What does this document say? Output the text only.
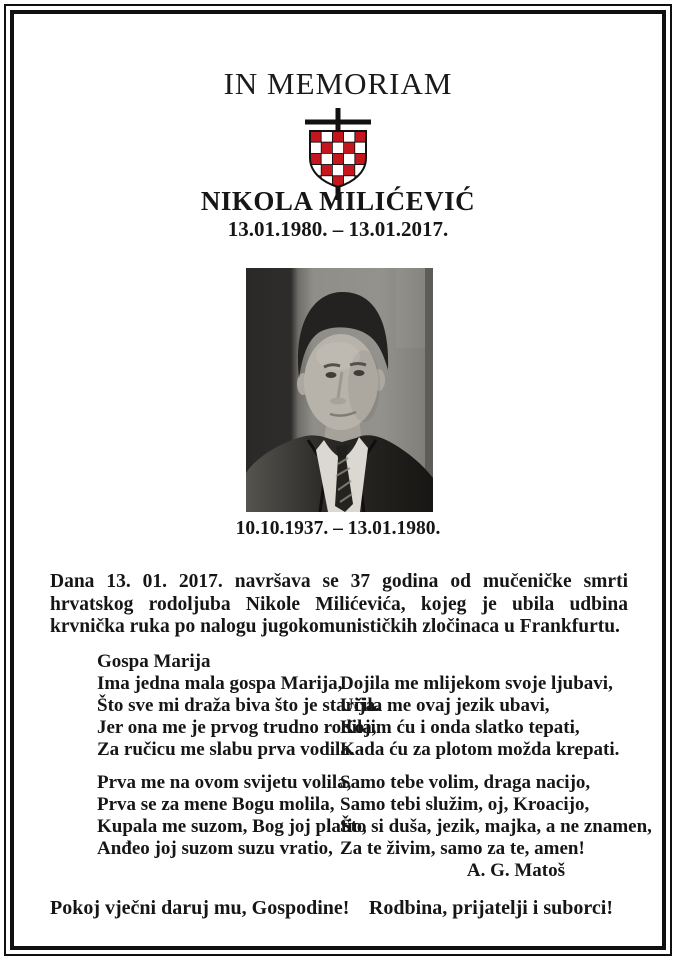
IN MEMORIAM
NIKOLA MILIĆEVIĆ
13.01.1980. – 13.01.2017.
10.10.1937. – 13.01.1980.
Dana 13. 01. 2017. navršava se 37 godina od mučeničke smrti hrvatskog rodoljuba Nikole Milićevića, kojeg je ubila udbina krvnička ruka po nalogu jugokomunističkih zločinaca u Frankfurtu.
Gospa Marija
Ima jedna mala gospa Marija,
Što sve mi draža biva što je starija.
Jer ona me je prvog trudno rodila,
Za ručicu me slabu prva vodila.
Prva me na ovom svijetu volila,
Prva se za mene Bogu molila,
Kupala me suzom, Bog joj platio,
Anđeo joj suzom suzu vratio,
Dojila me mlijekom svoje ljubavi,
Učila me ovaj jezik ubavi,
Kojim ću i onda slatko tepati,
Kada ću za plotom možda krepati.
Samo tebe volim, draga nacijo,
Samo tebi služim, oj, Kroacijo,
Što si duša, jezik, majka, a ne znamen,
Za te živim, samo za te, amen!
A. G. Matoš
Pokoj vječni daruj mu, Gospodine! Rodbina, prijatelji i suborci!
